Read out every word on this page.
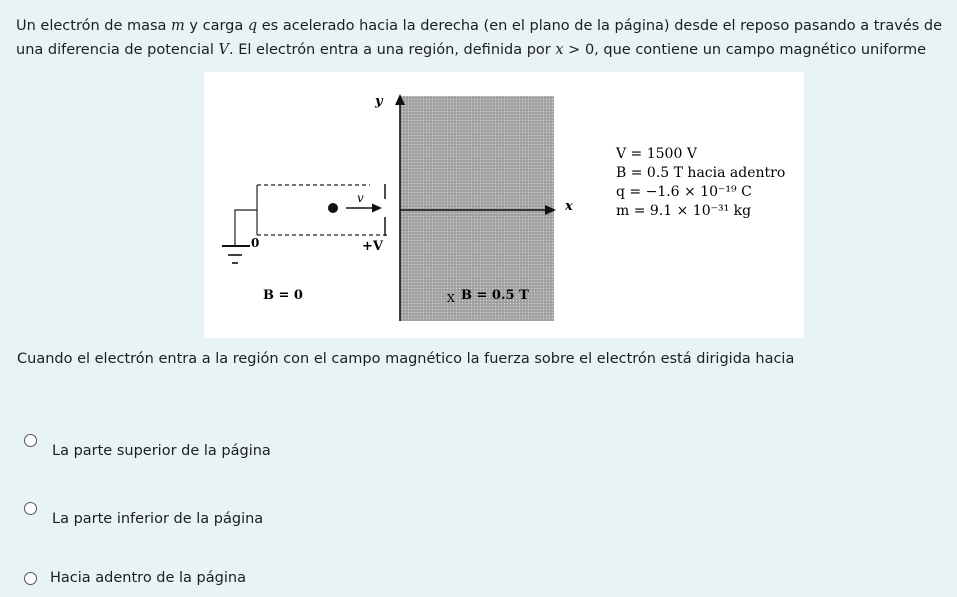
Un electrón de masa m y carga q es acelerado hacia la derecha (en el plano de la página) desde el reposo pasando a través de una diferencia de potencial V. El electrón entra a una región, definida por x > 0, que contiene un campo magnético uniforme
y
x
0
v
+V
B = 0	X B = 0.5 T
V = 1500 V
B = 0.5 T hacia adentro
q = −1.6 × 10⁻¹⁹ C
m = 9.1 × 10⁻³¹ kg
Cuando el electrón entra a la región con el campo magnético la fuerza sobre el electrón está dirigida hacia
La parte superior de la página
La parte inferior de la página
Hacia adentro de la página
